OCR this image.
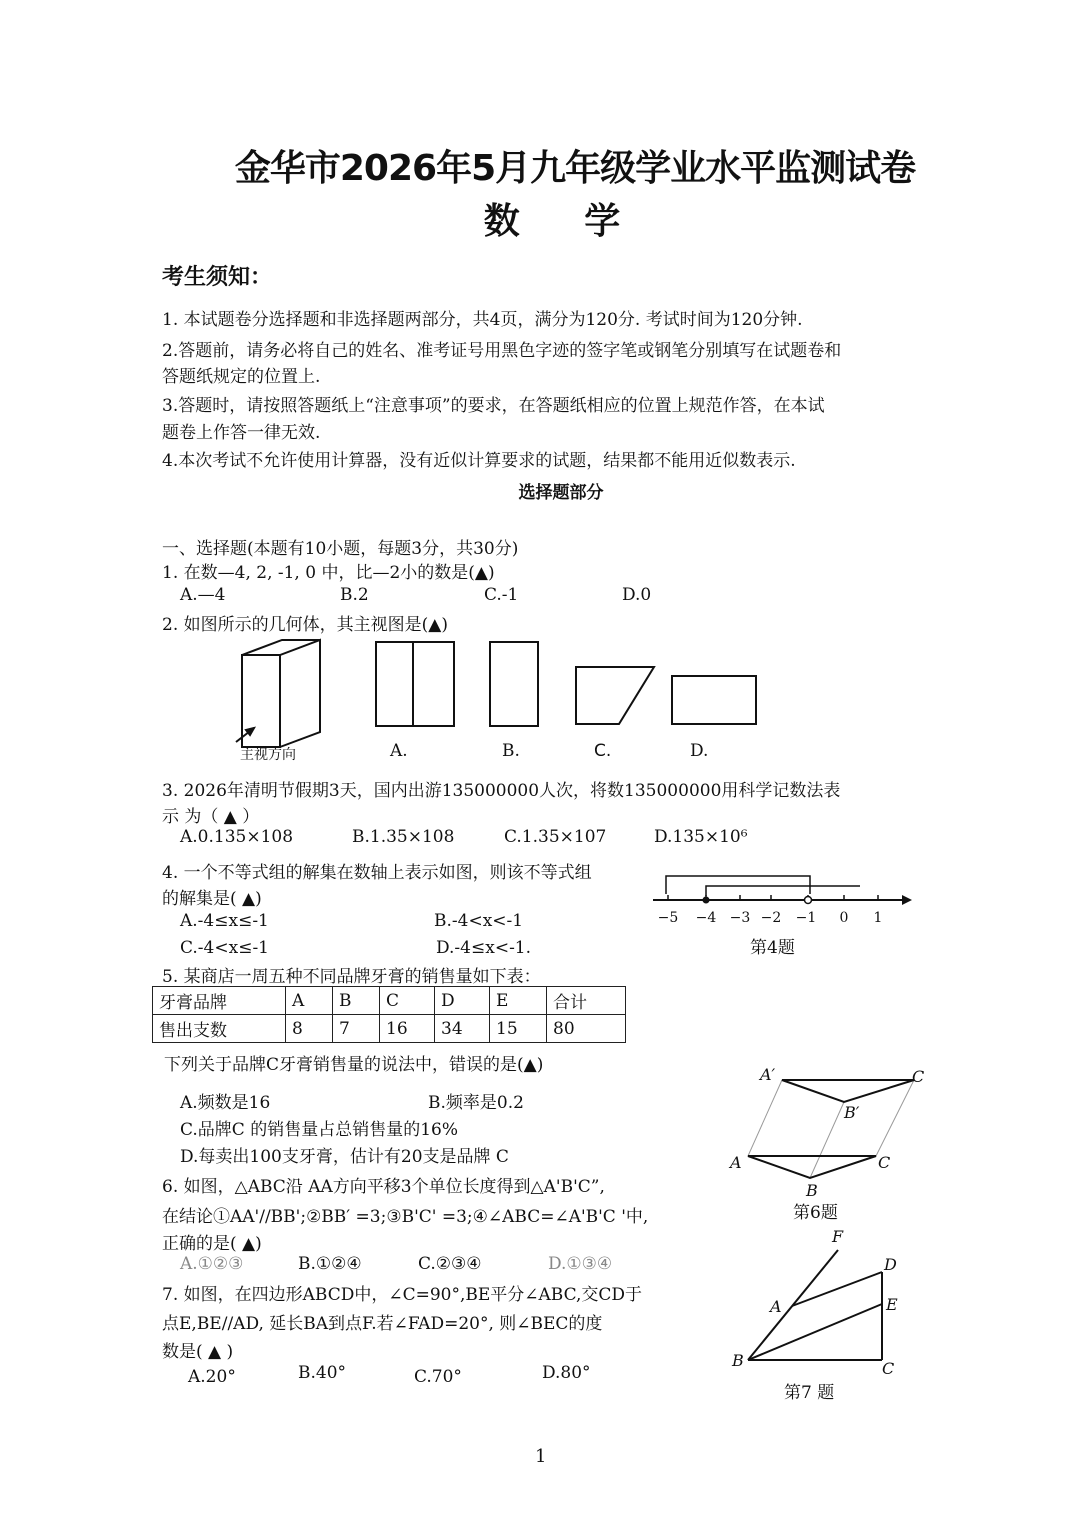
金华市2026年5月九年级学业水平监测试卷
数 学
考生须知：
1. 本试题卷分选择题和非选择题两部分，共4页，满分为120分. 考试时间为120分钟.
2.答题前，请务必将自己的姓名、准考证号用黑色字迹的签字笔或钢笔分别填写在试题卷和
答题纸规定的位置上.
3.答题时，请按照答题纸上“注意事项”的要求，在答题纸相应的位置上规范作答，在本试
题卷上作答一律无效.
4.本次考试不允许使用计算器，没有近似计算要求的试题，结果都不能用近似数表示.
选择题部分
一、选择题(本题有10小题，每题3分，共30分)
1. 在数—4, 2, -1, 0 中，比—2小的数是(▲)
A.—4	B.2	C.-1	D.0
2. 如图所示的几何体，其主视图是(▲)
主视方向	A.	B.	C.	D.
3. 2026年清明节假期3天，国内出游135000000人次，将数135000000用科学记数法表
示 为（ ▲ ）
A.0.135×108	B.1.35×108	C.1.35×107	D.135×10⁶
4. 一个不等式组的解集在数轴上表示如图，则该不等式组
的解集是( ▲)
A.-4≤x≤-1	B.-4<x<-1
C.-4<x≤-1	D.-4≤x<-1.
−5 −4 −3 −2 −1 0 1
第4题
5. 某商店一周五种不同品牌牙膏的销售量如下表：
牙膏品牌	A	B	C	D	E	合计
售出支数	8	7	16	34	15	80
下列关于品牌C牙膏销售量的说法中，错误的是(▲)
A.频数是16	B.频率是0.2
C.品牌C 的销售量占总销售量的16%
D.每卖出100支牙膏，估计有20支是品牌 C
6. 如图，△ABC沿 AA方向平移3个单位长度得到△A'B'C”,
在结论①AA'//BB';②BB′ =3;③B'C' =3;④∠ABC=∠A'B'C '中,
正确的是( ▲)
A.①②③	B.①②④	C.②③④	D.①③④
A′	C
B′
A	C
B
第6题
7. 如图，在四边形ABCD中，∠C=90°,BE平分∠ABC,交CD于
点E,BE//AD, 延长BA到点F.若∠FAD=20°, 则∠BEC的度
数是( ▲ )
A.20°	B.40°	C.70°	D.80°
F
D
A	E
B	C
第7 题
1
